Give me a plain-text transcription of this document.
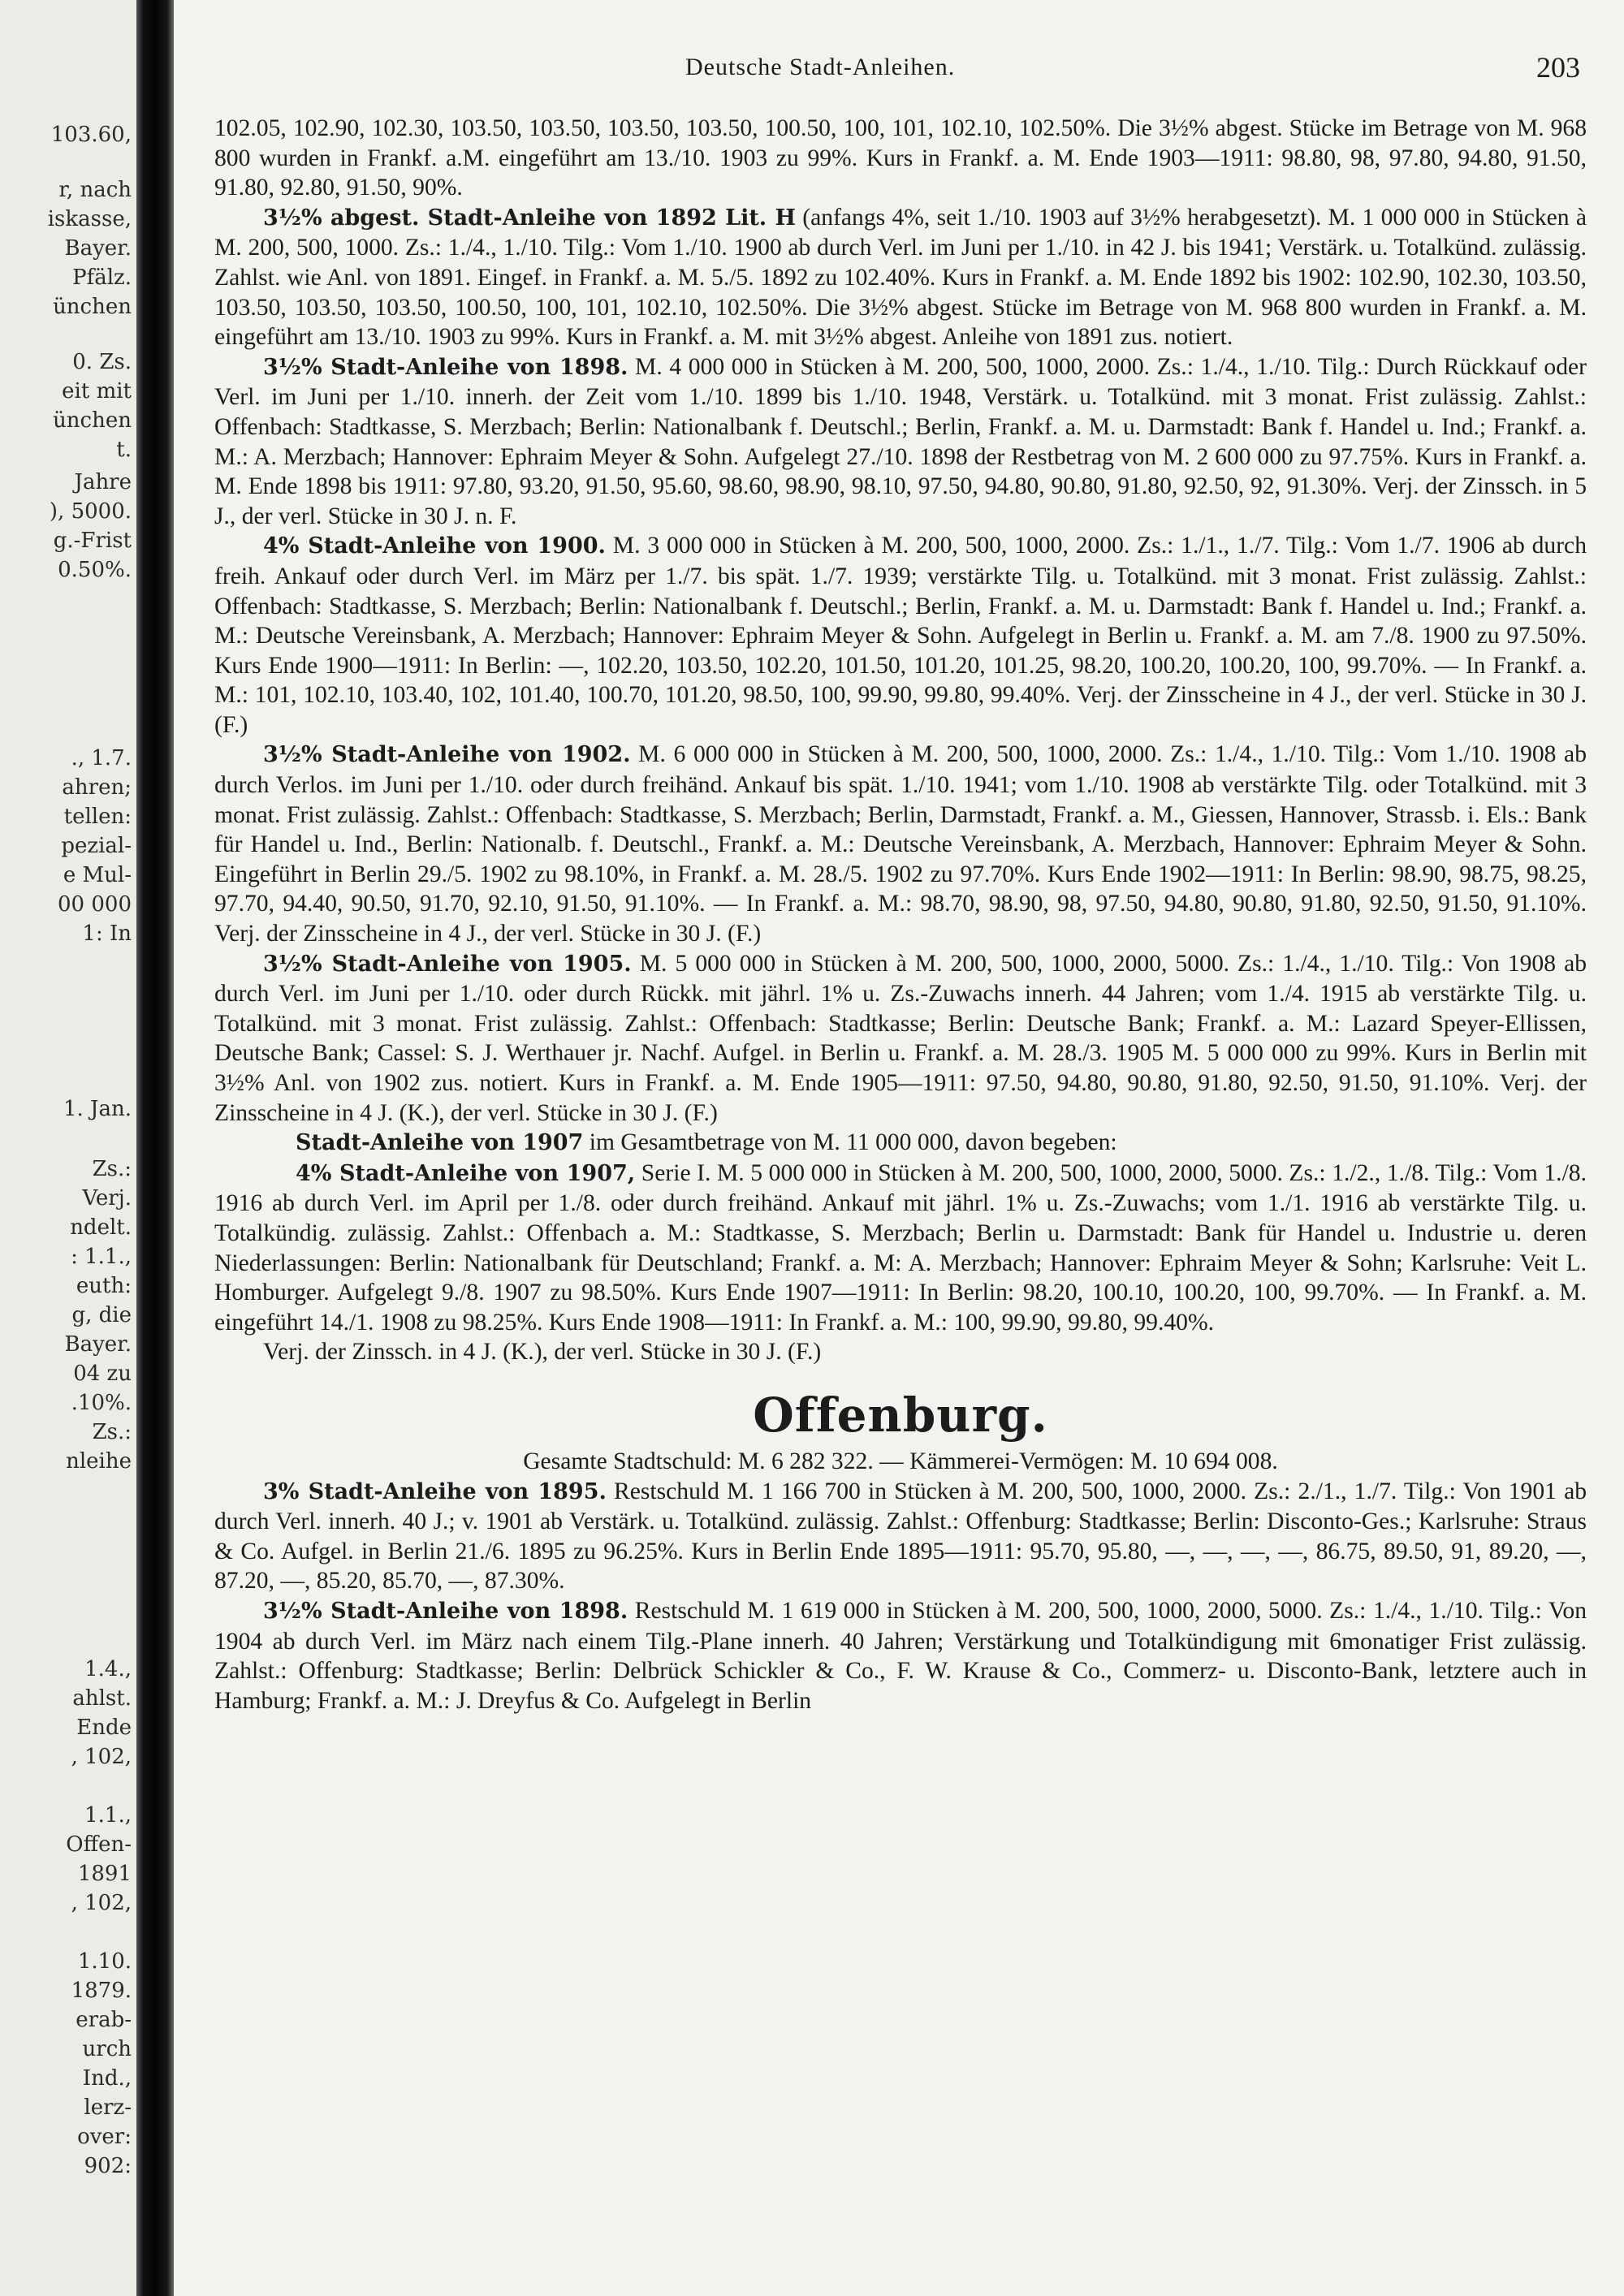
103.60,
r, nach
iskasse,
Bayer.
Pfälz.
ünchen
0. Zs.
eit mit
ünchen
t.
Jahre
), 5000.
g.-Frist
0.50%.
., 1.7.
ahren;
tellen:
pezial-
e Mul-
00 000
1: In
1. Jan.
Zs.:
Verj.
ndelt.
: 1.1.,
euth:
g, die
Bayer.
04 zu
.10%.
Zs.:
nleihe
1.4.,
ahlst.
Ende
, 102,
1.1.,
Offen-
1891
, 102,
1.10.
1879.
erab-
urch
Ind.,
lerz-
over:
902:
Deutsche Stadt-Anleihen.	203

102.05, 102.90, 102.30, 103.50, 103.50, 103.50, 103.50, 100.50, 100, 101, 102.10, 102.50%. Die 3½% abgest. Stücke im Betrage von M. 968 800 wurden in Frankf. a.M. eingeführt am 13./10. 1903 zu 99%. Kurs in Frankf. a. M. Ende 1903—1911: 98.80, 98, 97.80, 94.80, 91.50, 91.80, 92.80, 91.50, 90%.

3½% abgest. Stadt-Anleihe von 1892 Lit. H (anfangs 4%, seit 1./10. 1903 auf 3½% herabgesetzt). M. 1 000 000 in Stücken à M. 200, 500, 1000. Zs.: 1./4., 1./10. Tilg.: Vom 1./10. 1900 ab durch Verl. im Juni per 1./10. in 42 J. bis 1941; Verstärk. u. Totalkünd. zulässig. Zahlst. wie Anl. von 1891. Eingef. in Frankf. a. M. 5./5. 1892 zu 102.40%. Kurs in Frankf. a. M. Ende 1892 bis 1902: 102.90, 102.30, 103.50, 103.50, 103.50, 103.50, 100.50, 100, 101, 102.10, 102.50%. Die 3½% abgest. Stücke im Betrage von M. 968 800 wurden in Frankf. a. M. eingeführt am 13./10. 1903 zu 99%. Kurs in Frankf. a. M. mit 3½% abgest. Anleihe von 1891 zus. notiert.

3½% Stadt-Anleihe von 1898. M. 4 000 000 in Stücken à M. 200, 500, 1000, 2000. Zs.: 1./4., 1./10. Tilg.: Durch Rückkauf oder Verl. im Juni per 1./10. innerh. der Zeit vom 1./10. 1899 bis 1./10. 1948, Verstärk. u. Totalkünd. mit 3 monat. Frist zulässig. Zahlst.: Offenbach: Stadtkasse, S. Merzbach; Berlin: Nationalbank f. Deutschl.; Berlin, Frankf. a. M. u. Darmstadt: Bank f. Handel u. Ind.; Frankf. a. M.: A. Merzbach; Hannover: Ephraim Meyer & Sohn. Aufgelegt 27./10. 1898 der Restbetrag von M. 2 600 000 zu 97.75%. Kurs in Frankf. a. M. Ende 1898 bis 1911: 97.80, 93.20, 91.50, 95.60, 98.60, 98.90, 98.10, 97.50, 94.80, 90.80, 91.80, 92.50, 92, 91.30%. Verj. der Zinssch. in 5 J., der verl. Stücke in 30 J. n. F.

4% Stadt-Anleihe von 1900. M. 3 000 000 in Stücken à M. 200, 500, 1000, 2000. Zs.: 1./1., 1./7. Tilg.: Vom 1./7. 1906 ab durch freih. Ankauf oder durch Verl. im März per 1./7. bis spät. 1./7. 1939; verstärkte Tilg. u. Totalkünd. mit 3 monat. Frist zulässig. Zahlst.: Offenbach: Stadtkasse, S. Merzbach; Berlin: Nationalbank f. Deutschl.; Berlin, Frankf. a. M. u. Darmstadt: Bank f. Handel u. Ind.; Frankf. a. M.: Deutsche Vereinsbank, A. Merzbach; Hannover: Ephraim Meyer & Sohn. Aufgelegt in Berlin u. Frankf. a. M. am 7./8. 1900 zu 97.50%. Kurs Ende 1900—1911: In Berlin: —, 102.20, 103.50, 102.20, 101.50, 101.20, 101.25, 98.20, 100.20, 100.20, 100, 99.70%. — In Frankf. a. M.: 101, 102.10, 103.40, 102, 101.40, 100.70, 101.20, 98.50, 100, 99.90, 99.80, 99.40%. Verj. der Zinsscheine in 4 J., der verl. Stücke in 30 J. (F.)

3½% Stadt-Anleihe von 1902. M. 6 000 000 in Stücken à M. 200, 500, 1000, 2000. Zs.: 1./4., 1./10. Tilg.: Vom 1./10. 1908 ab durch Verlos. im Juni per 1./10. oder durch freihänd. Ankauf bis spät. 1./10. 1941; vom 1./10. 1908 ab verstärkte Tilg. oder Totalkünd. mit 3 monat. Frist zulässig. Zahlst.: Offenbach: Stadtkasse, S. Merzbach; Berlin, Darmstadt, Frankf. a. M., Giessen, Hannover, Strassb. i. Els.: Bank für Handel u. Ind., Berlin: Nationalb. f. Deutschl., Frankf. a. M.: Deutsche Vereinsbank, A. Merzbach, Hannover: Ephraim Meyer & Sohn. Eingeführt in Berlin 29./5. 1902 zu 98.10%, in Frankf. a. M. 28./5. 1902 zu 97.70%. Kurs Ende 1902—1911: In Berlin: 98.90, 98.75, 98.25, 97.70, 94.40, 90.50, 91.70, 92.10, 91.50, 91.10%. — In Frankf. a. M.: 98.70, 98.90, 98, 97.50, 94.80, 90.80, 91.80, 92.50, 91.50, 91.10%. Verj. der Zinsscheine in 4 J., der verl. Stücke in 30 J. (F.)

3½% Stadt-Anleihe von 1905. M. 5 000 000 in Stücken à M. 200, 500, 1000, 2000, 5000. Zs.: 1./4., 1./10. Tilg.: Von 1908 ab durch Verl. im Juni per 1./10. oder durch Rückk. mit jährl. 1% u. Zs.-Zuwachs innerh. 44 Jahren; vom 1./4. 1915 ab verstärkte Tilg. u. Totalkünd. mit 3 monat. Frist zulässig. Zahlst.: Offenbach: Stadtkasse; Berlin: Deutsche Bank; Frankf. a. M.: Lazard Speyer-Ellissen, Deutsche Bank; Cassel: S. J. Werthauer jr. Nachf. Aufgel. in Berlin u. Frankf. a. M. 28./3. 1905 M. 5 000 000 zu 99%. Kurs in Berlin mit 3½% Anl. von 1902 zus. notiert. Kurs in Frankf. a. M. Ende 1905—1911: 97.50, 94.80, 90.80, 91.80, 92.50, 91.50, 91.10%. Verj. der Zinsscheine in 4 J. (K.), der verl. Stücke in 30 J. (F.)

Stadt-Anleihe von 1907 im Gesamtbetrage von M. 11 000 000, davon begeben:

4% Stadt-Anleihe von 1907, Serie I. M. 5 000 000 in Stücken à M. 200, 500, 1000, 2000, 5000. Zs.: 1./2., 1./8. Tilg.: Vom 1./8. 1916 ab durch Verl. im April per 1./8. oder durch freihänd. Ankauf mit jährl. 1% u. Zs.-Zuwachs; vom 1./1. 1916 ab verstärkte Tilg. u. Totalkündig. zulässig. Zahlst.: Offenbach a. M.: Stadtkasse, S. Merzbach; Berlin u. Darmstadt: Bank für Handel u. Industrie u. deren Niederlassungen: Berlin: Nationalbank für Deutschland; Frankf. a. M: A. Merzbach; Hannover: Ephraim Meyer & Sohn; Karlsruhe: Veit L. Homburger. Aufgelegt 9./8. 1907 zu 98.50%. Kurs Ende 1907—1911: In Berlin: 98.20, 100.10, 100.20, 100, 99.70%. — In Frankf. a. M. eingeführt 14./1. 1908 zu 98.25%. Kurs Ende 1908—1911: In Frankf. a. M.: 100, 99.90, 99.80, 99.40%.

Verj. der Zinssch. in 4 J. (K.), der verl. Stücke in 30 J. (F.)

Offenburg.

Gesamte Stadtschuld: M. 6 282 322. — Kämmerei-Vermögen: M. 10 694 008.

3% Stadt-Anleihe von 1895. Restschuld M. 1 166 700 in Stücken à M. 200, 500, 1000, 2000. Zs.: 2./1., 1./7. Tilg.: Von 1901 ab durch Verl. innerh. 40 J.; v. 1901 ab Verstärk. u. Totalkünd. zulässig. Zahlst.: Offenburg: Stadtkasse; Berlin: Disconto-Ges.; Karlsruhe: Straus & Co. Aufgel. in Berlin 21./6. 1895 zu 96.25%. Kurs in Berlin Ende 1895—1911: 95.70, 95.80, —, —, —, —, 86.75, 89.50, 91, 89.20, —, 87.20, —, 85.20, 85.70, —, 87.30%.

3½% Stadt-Anleihe von 1898. Restschuld M. 1 619 000 in Stücken à M. 200, 500, 1000, 2000, 5000. Zs.: 1./4., 1./10. Tilg.: Von 1904 ab durch Verl. im März nach einem Tilg.-Plane innerh. 40 Jahren; Verstärkung und Totalkündigung mit 6monatiger Frist zulässig. Zahlst.: Offenburg: Stadtkasse; Berlin: Delbrück Schickler & Co., F. W. Krause & Co., Commerz- u. Disconto-Bank, letztere auch in Hamburg; Frankf. a. M.: J. Dreyfus & Co. Aufgelegt in Berlin
